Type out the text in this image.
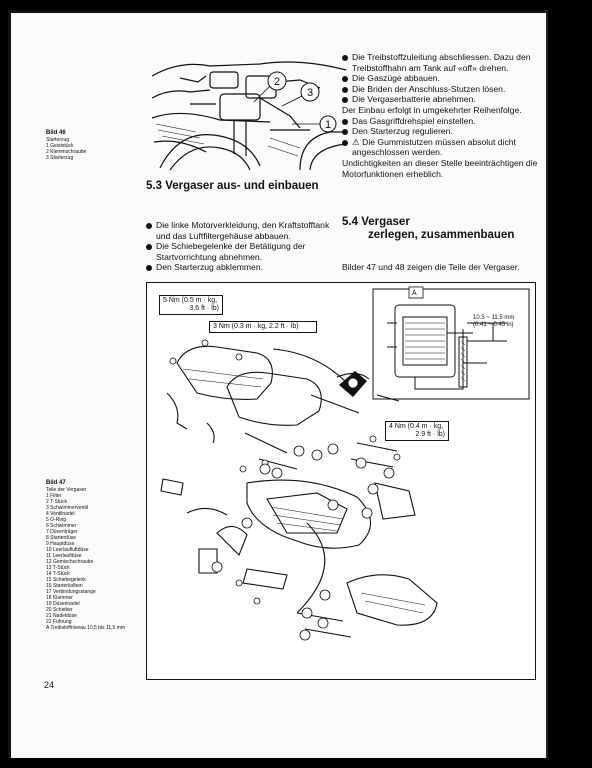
2
3
1
Bild 46
Starterzug
1 Geiststück
2 Klemmschraube
3 Starterzug
5.3 Vergaser aus- und einbauen
Die linke Motorverkleidung, den Kraftstofftank und das Luftfiltergehäuse abbauen.
Die Schiebegelenke der Betätigung der Startvorrichtung abnehmen.
Den Starterzug abklemmen.
Die Treibstoffzuleitung abschliessen. Dazu den Treibstoffhahn am Tank auf «off» drehen.
Die Gaszüge abbauen.
Die Briden der Anschluss-Stutzen lösen.
Die Vergaserbatterie abnehmen.
Der Einbau erfolgt in umgekehrter Reihenfolge.
Das Gasgriffdrehspiel einstellen.
Den Starterzug regulieren.
⚠ Die Gummistutzen müssen absolut dicht angeschlossen werden.
Undichtigkeiten an dieser Stelle beeinträchtigen die Motorfunktionen erheblich.
5.4 Vergaser
zerlegen, zusammenbauen
Bilder 47 und 48 zeigen die Teile der Vergaser.
5 Nm (0.5 m · kg,
3.6 ft · lb)
3 Nm (0.3 m · kg, 2.2 ft · lb)
4 Nm (0.4 m · kg,
2.9 ft · lb)
A
10.5 ~ 11.5 mm
(0.41 ~ 0.45 in)
Bild 47
Teile der Vergaser
1 Filter
2 T-Stück
3 Schwimmerventil
4 Ventilnadel
5 O-Ring
6 Schwimmer
7 Düsenträger
8 Starterdüse
9 Hauptdüse
10 Leerlaufluftdüse
11 Leerlaufdüse
12 Gemischschraube
13 T-Stück
14 T-Stück
15 Schiebegelenk
16 Starterkolben
17 Verbindungsstange
18 Klammer
19 Düsennadel
20 Schieber
21 Nadeldüse
22 Führung
A Treibstoffniveau 10,5 bis 11,5 mm
24
